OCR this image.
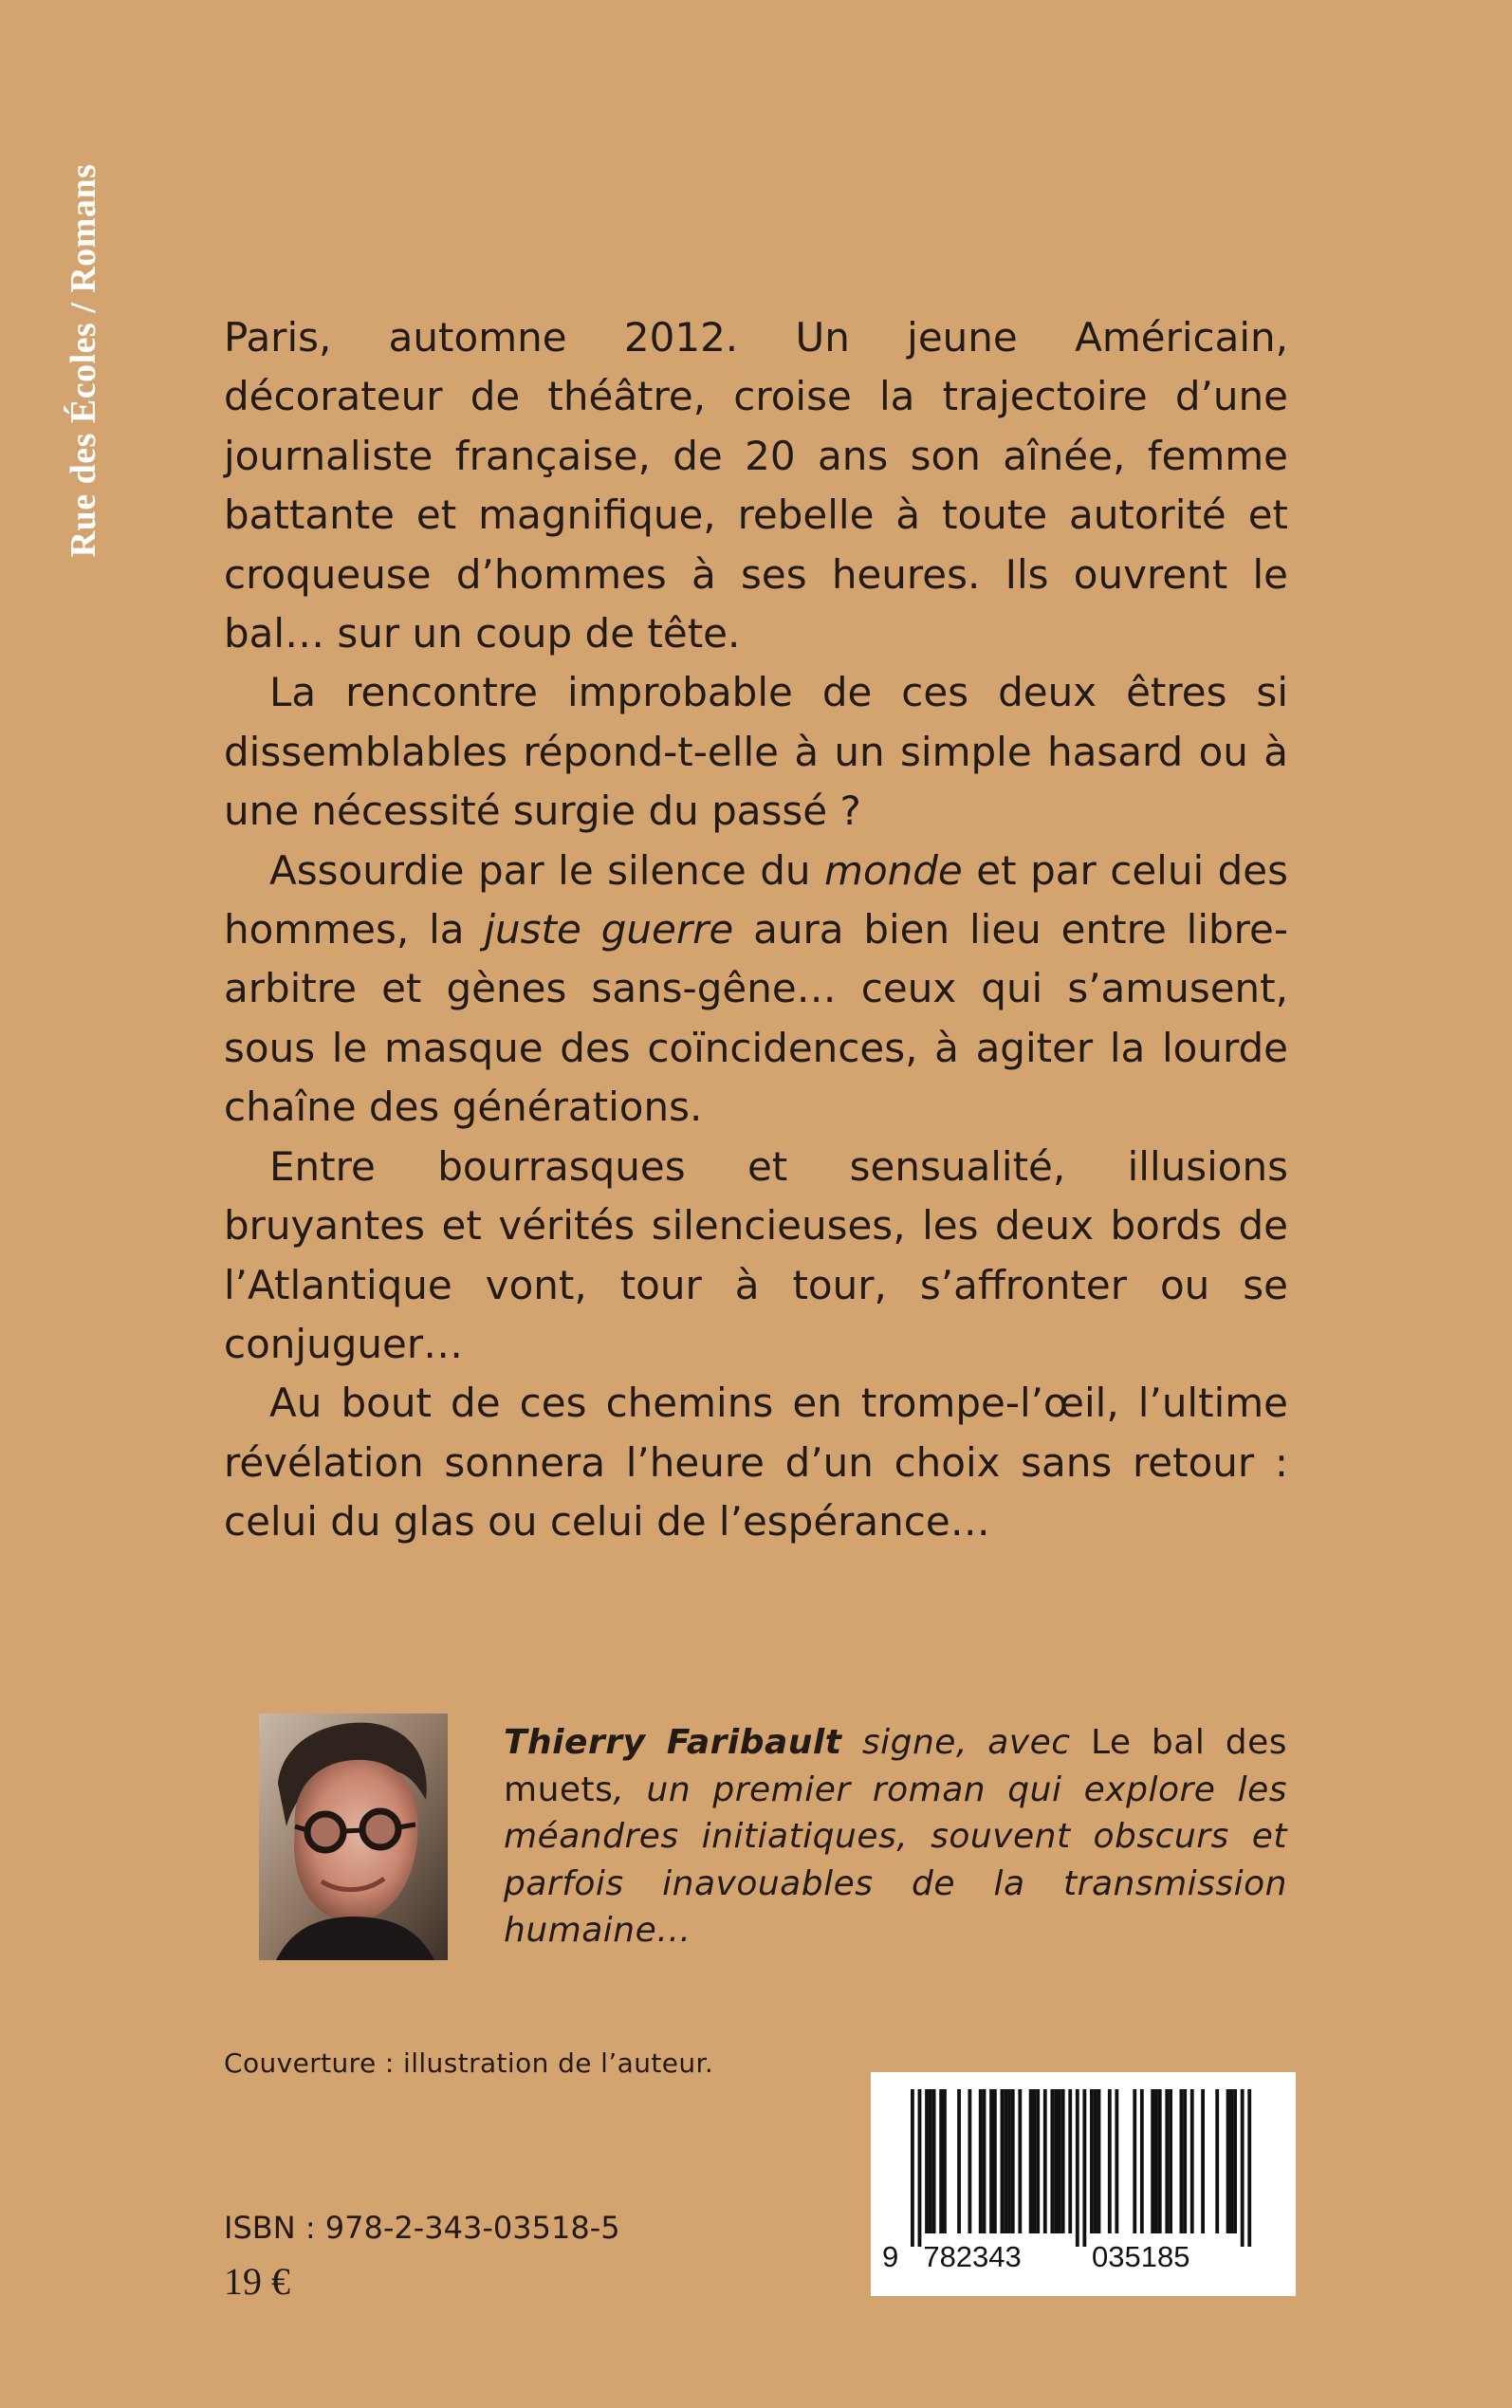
Rue des Écoles / Romans	Paris, automne 2012. Un jeune Américain, décorateur de théâtre, croise la trajectoire d’une journaliste française, de 20 ans son aînée, femme battante et magnifique, rebelle à toute autorité et croqueuse d’hommes à ses heures. Ils ouvrent le bal… sur un coup de tête.

La rencontre improbable de ces deux êtres si dissemblables répond-t-elle à un simple hasard ou à une nécessité surgie du passé ?

Assourdie par le silence du monde et par celui des hommes, la juste guerre aura bien lieu entre libre-arbitre et gènes sans-gêne… ceux qui s’amusent, sous le masque des coïncidences, à agiter la lourde chaîne des générations.

Entre bourrasques et sensualité, illusions bruyantes et vérités silencieuses, les deux bords de l’Atlantique vont, tour à tour, s’affronter ou se conjuguer…

Au bout de ces chemins en trompe-l’œil, l’ultime révélation sonnera l’heure d’un choix sans retour : celui du glas ou celui de l’espérance…

Thierry Faribault signe, avec Le bal des muets, un premier roman qui explore les méandres initiatiques, souvent obscurs et parfois inavouables de la transmission humaine…
Couverture : illustration de l’auteur.
ISBN : 978-2-343-03518-5
19 €
9 782343 035185
